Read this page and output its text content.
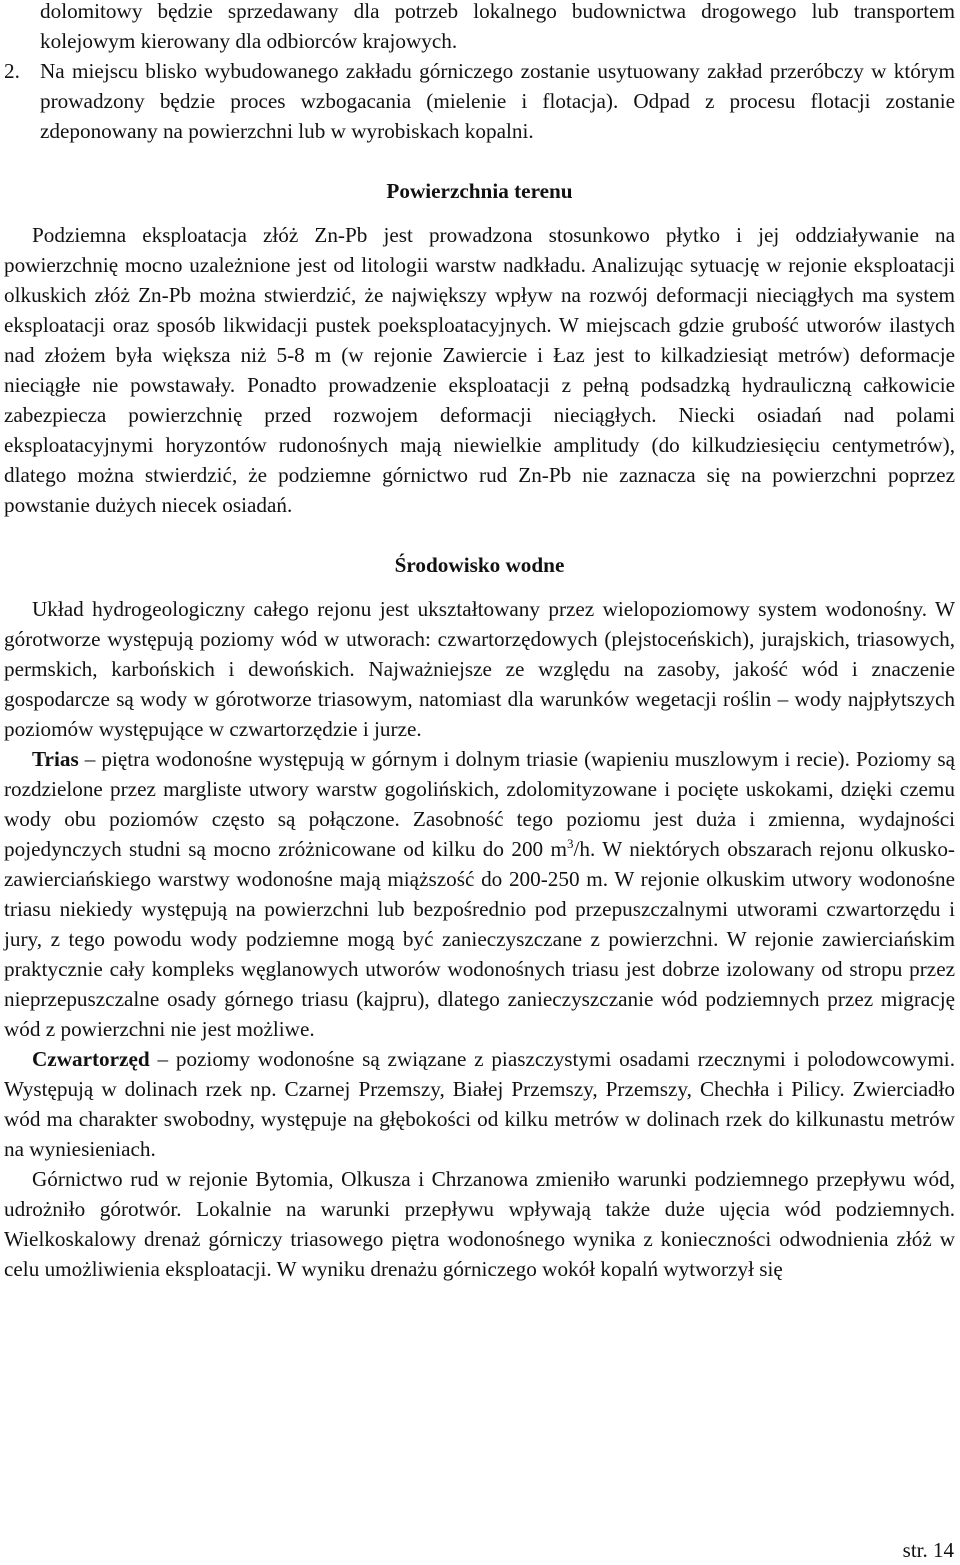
dolomitowy będzie sprzedawany dla potrzeb lokalnego budownictwa drogowego lub transportem kolejowym kierowany dla odbiorców krajowych.

2. Na miejscu blisko wybudowanego zakładu górniczego zostanie usytuowany zakład przeróbczy w którym prowadzony będzie proces wzbogacania (mielenie i flotacja). Odpad z procesu flotacji zostanie zdeponowany na powierzchni lub w wyrobiskach kopalni.

Powierzchnia terenu

Podziemna eksploatacja złóż Zn-Pb jest prowadzona stosunkowo płytko i jej oddziaływanie na powierzchnię mocno uzależnione jest od litologii warstw nadkładu. Analizując sytuację w rejonie eksploatacji olkuskich złóż Zn-Pb można stwierdzić, że największy wpływ na rozwój deformacji nieciągłych ma system eksploatacji oraz sposób likwidacji pustek poeksploatacyjnych. W miejscach gdzie grubość utworów ilastych nad złożem była większa niż 5-8 m (w rejonie Zawiercie i Łaz jest to kilkadziesiąt metrów) deformacje nieciągłe nie powstawały. Ponadto prowadzenie eksploatacji z pełną podsadzką hydrauliczną całkowicie zabezpiecza powierzchnię przed rozwojem deformacji nieciągłych. Niecki osiadań nad polami eksploatacyjnymi horyzontów rudonośnych mają niewielkie amplitudy (do kilkudziesięciu centymetrów), dlatego można stwierdzić, że podziemne górnictwo rud Zn-Pb nie zaznacza się na powierzchni poprzez powstanie dużych niecek osiadań.

Środowisko wodne

Układ hydrogeologiczny całego rejonu jest ukształtowany przez wielopoziomowy system wodonośny. W górotworze występują poziomy wód w utworach: czwartorzędowych (plejstoceńskich), jurajskich, triasowych, permskich, karbońskich i dewońskich. Najważniejsze ze względu na zasoby, jakość wód i znaczenie gospodarcze są wody w górotworze triasowym, natomiast dla warunków wegetacji roślin – wody najpłytszych poziomów występujące w czwartorzędzie i jurze.

Trias – piętra wodonośne występują w górnym i dolnym triasie (wapieniu muszlowym i recie). Poziomy są rozdzielone przez margliste utwory warstw gogolińskich, zdolomityzowane i pocięte uskokami, dzięki czemu wody obu poziomów często są połączone. Zasobność tego poziomu jest duża i zmienna, wydajności pojedynczych studni są mocno zróżnicowane od kilku do 200 $m^3/h$. W niektórych obszarach rejonu olkusko-zawierciańskiego warstwy wodonośne mają miąższość do 200-250 m. W rejonie olkuskim utwory wodonośne triasu niekiedy występują na powierzchni lub bezpośrednio pod przepuszczalnymi utworami czwartorzędu i jury, z tego powodu wody podziemne mogą być zanieczyszczane z powierzchni. W rejonie zawierciańskim praktycznie cały kompleks węglanowych utworów wodonośnych triasu jest dobrze izolowany od stropu przez nieprzepuszczalne osady górnego triasu (kajpru), dlatego zanieczyszczanie wód podziemnych przez migrację wód z powierzchni nie jest możliwe.

Czwartorzęd – poziomy wodonośne są związane z piaszczystymi osadami rzecznymi i polodowcowymi. Występują w dolinach rzek np. Czarnej Przemszy, Białej Przemszy, Przemszy, Chechła i Pilicy. Zwierciadło wód ma charakter swobodny, występuje na głębokości od kilku metrów w dolinach rzek do kilkunastu metrów na wyniesieniach.

Górnictwo rud w rejonie Bytomia, Olkusza i Chrzanowa zmieniło warunki podziemnego przepływu wód, udrożniło górotwór. Lokalnie na warunki przepływu wpływają także duże ujęcia wód podziemnych. Wielkoskalowy drenaż górniczy triasowego piętra wodonośnego wynika z konieczności odwodnienia złóż w celu umożliwienia eksploatacji. W wyniku drenażu górniczego wokół kopalń wytworzył się

str. 14
